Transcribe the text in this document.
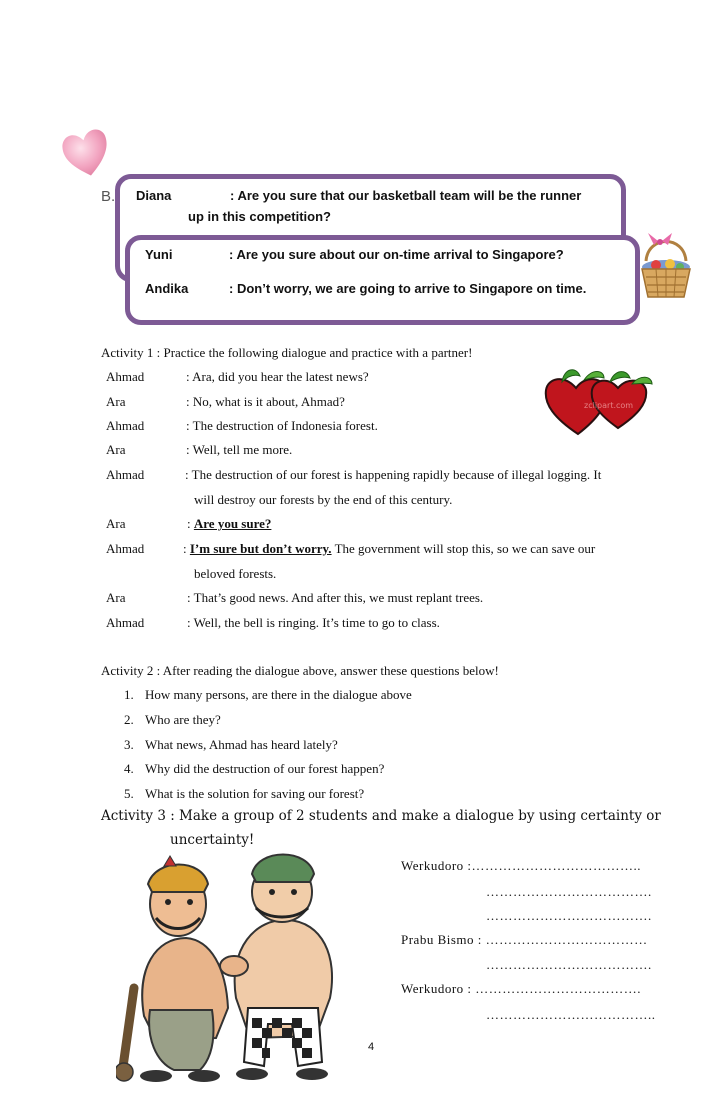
B. Diana	: Are you sure that our basketball team will be the runner
up in this competition?
Yuni	: Are you sure about our on-time arrival to Singapore?
Andika	: Don’t worry, we are going to arrive to Singapore on time.
Activity 1 : Practice the following dialogue and practice with a partner!
Ahmad	: Ara, did you hear the latest news?
Ara	: No, what is it about, Ahmad?
Ahmad	: The destruction of Indonesia forest.
Ara	: Well, tell me more.
Ahmad	: The destruction of our forest is happening rapidly because of illegal logging. It
will destroy our forests by the end of this century.
Ara	: Are you sure?
Ahmad	: I’m sure but don’t worry. The government will stop this, so we can save our
beloved forests.
Ara	: That’s good news. And after this, we must replant trees.
Ahmad	: Well, the bell is ringing. It’s time to go to class.
zclipart.com
Activity 2 : After reading the dialogue above, answer these questions below!
1. How many persons, are there in the dialogue above
2. Who are they?
3. What news, Ahmad has heard lately?
4. Why did the destruction of our forest happen?
5. What is the solution for saving our forest?
Activity 3 : Make a group of 2 students and make a dialogue by using certainty or
uncertainty!
Werkudoro :………………………………..
……………………………….
……………………………….
Prabu Bismo : ………………………………
……………………………….
Werkudoro : ……………………………….
………………………………..
4
